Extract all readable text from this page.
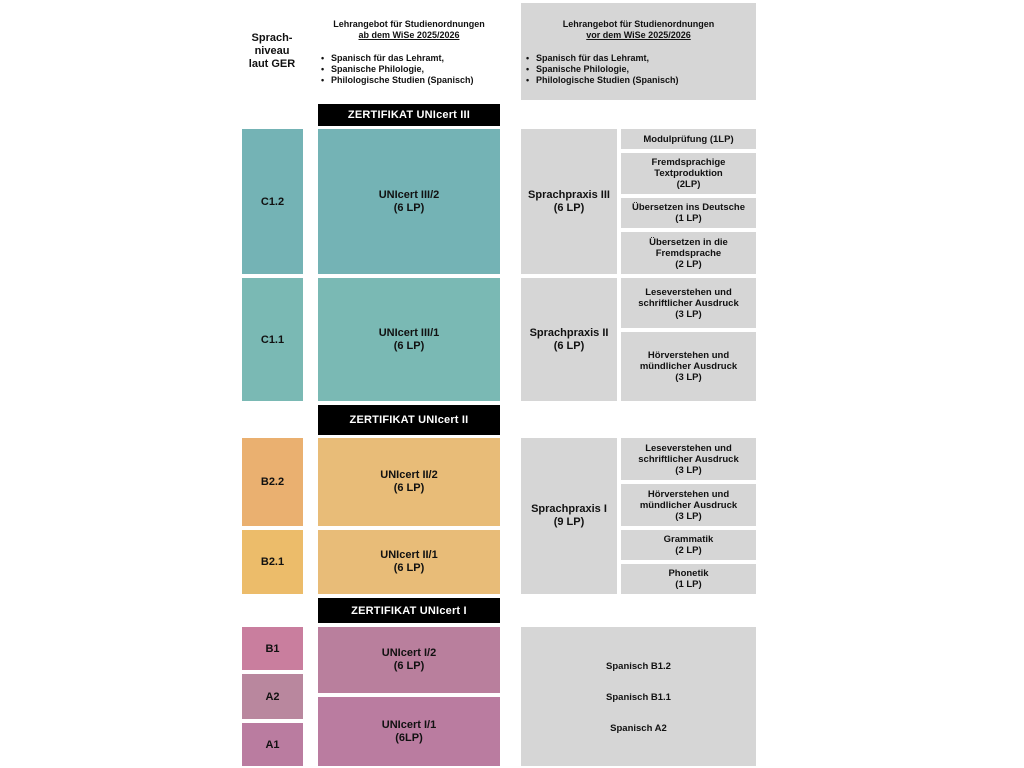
Sprach-
niveau
laut GER
Lehrangebot für Studienordnungen
ab dem WiSe 2025/2026
• Spanisch für das Lehramt,
• Spanische Philologie,
• Philologische Studien (Spanisch)
Lehrangebot für Studienordnungen
vor dem WiSe 2025/2026
• Spanisch für das Lehramt,
• Spanische Philologie,
• Philologische Studien (Spanisch)
ZERTIFIKAT UNIcert III
ZERTIFIKAT UNIcert II
ZERTIFIKAT UNIcert I
C1.2
C1.1
B2.2
B2.1
B1
A2
A1
UNIcert III/2
(6 LP)
UNIcert III/1
(6 LP)
UNIcert II/2
(6 LP)
UNIcert II/1
(6 LP)
UNIcert I/2
(6 LP)
UNIcert I/1
(6LP)
Sprachpraxis III
(6 LP)
Sprachpraxis II
(6 LP)
Sprachpraxis I
(9 LP)
Spanisch B1.2
Spanisch B1.1
Spanisch A2
Modulprüfung (1LP)
Fremdsprachige
Textproduktion
(2LP)
Übersetzen ins Deutsche
(1 LP)
Übersetzen in die
Fremdsprache
(2 LP)
Leseverstehen und
schriftlicher Ausdruck
(3 LP)
Hörverstehen und
mündlicher Ausdruck
(3 LP)
Leseverstehen und
schriftlicher Ausdruck
(3 LP)
Hörverstehen und
mündlicher Ausdruck
(3 LP)
Grammatik
(2 LP)
Phonetik
(1 LP)
